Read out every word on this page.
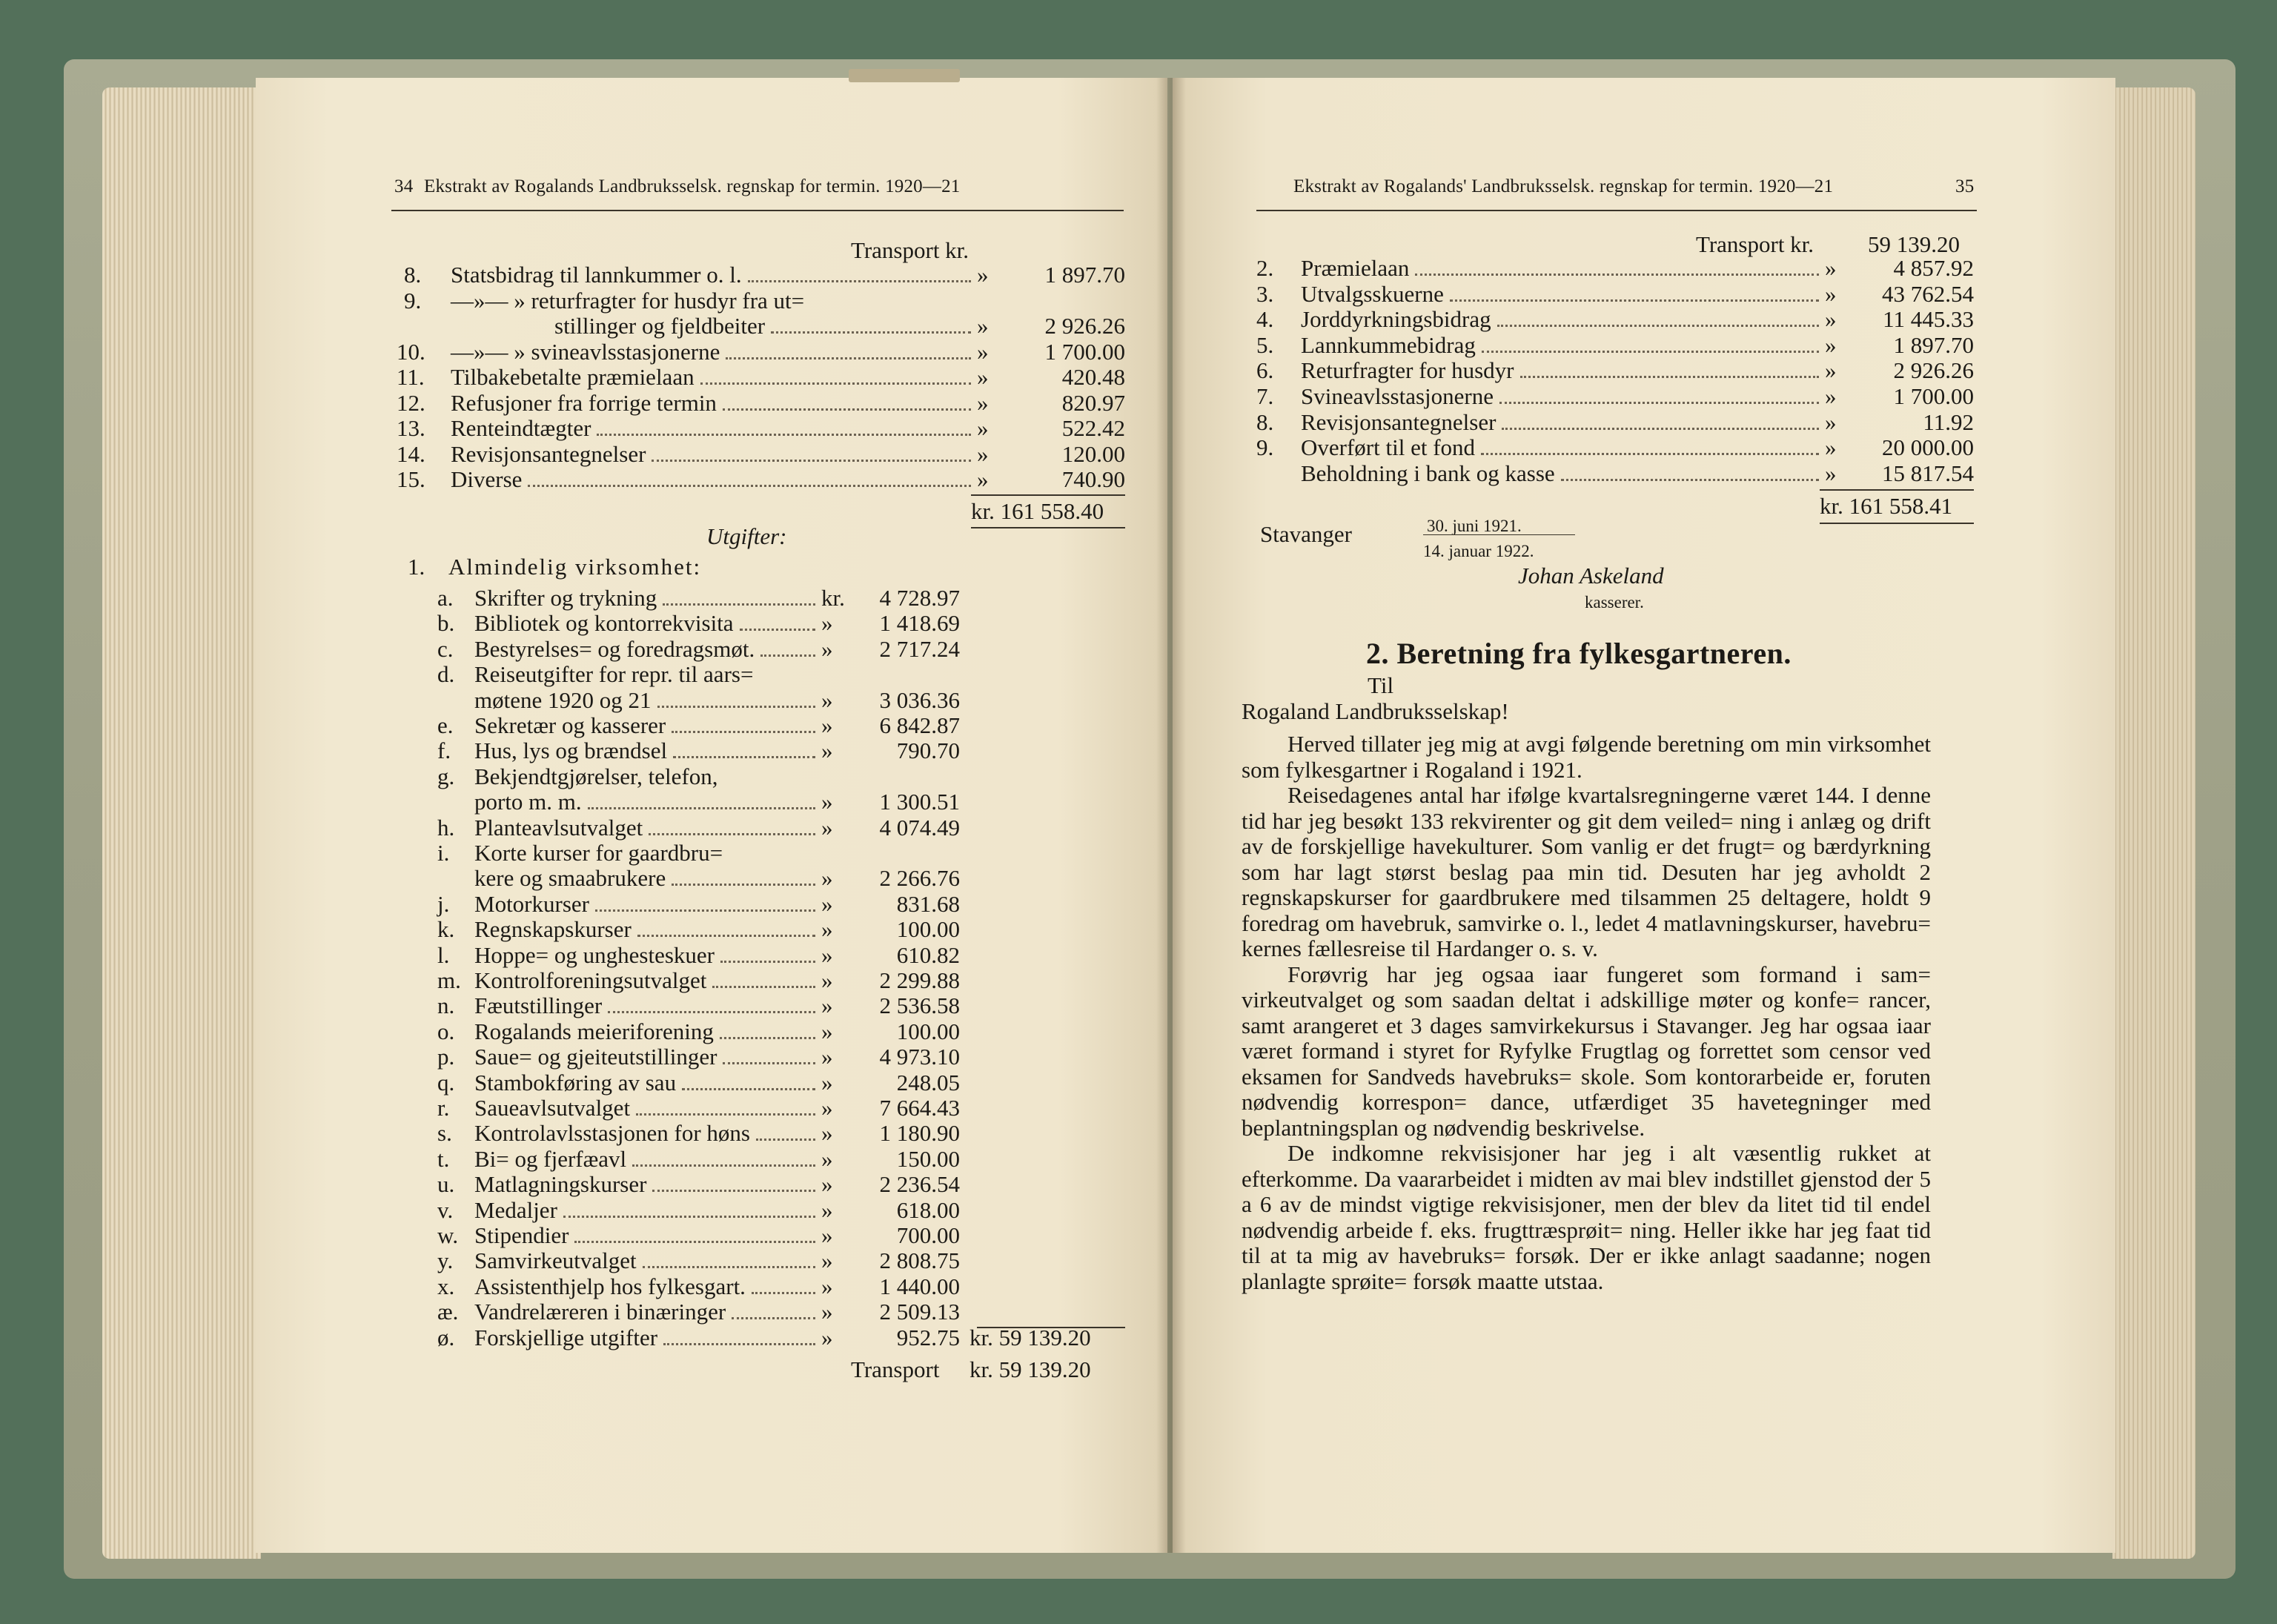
34 Ekstrakt av Rogalands Landbruksselsk. regnskap for termin. 1920—21
Transport kr.
8. Statsbidrag til lannkummer o. l.	» 1 897.70
9. —»— » returfragter for husdyr fra ut=
stillinger og fjeldbeiter	» 2 926.26
10. —»— » svineavlsstasjonerne	» 1 700.00
11. Tilbakebetalte præmielaan	»	420.48
12. Refusjoner fra forrige termin	»	820.97
13. Renteindtægter	»	522.42
14. Revisjonsantegnelser	»	120.00
15. Diverse	»	740.90
kr. 161 558.40
Utgifter:
1. Almindelig virksomhet:
a. Skrifter og trykning	kr. 4 728.97
b. Bibliotek og kontorrekvisita	» 1 418.69
c. Bestyrelses= og foredragsmøt.	» 2 717.24
d. Reiseutgifter for repr. til aars=
møtene 1920 og 21	» 3 036.36
e. Sekretær og kasserer	» 6 842.87
f. Hus, lys og brændsel	»	790.70
g. Bekjendtgjørelser, telefon,
porto m. m.	» 1 300.51
h. Planteavlsutvalget	» 4 074.49
i. Korte kurser for gaardbru=
kere og smaabrukere	» 2 266.76
j. Motorkurser	»	831.68
k. Regnskapskurser	»	100.00
l. Hoppe= og unghesteskuer	»	610.82
m. Kontrolforeningsutvalget	» 2 299.88
n. Fæutstillinger	» 2 536.58
o. Rogalands meieriforening	»	100.00
p. Saue= og gjeiteutstillinger	» 4 973.10
q. Stambokføring av sau	»	248.05
r. Saueavlsutvalget	» 7 664.43
s. Kontrolavlsstasjonen for høns	» 1 180.90
t. Bi= og fjerfæavl	»	150.00
u. Matlagningskurser	» 2 236.54
v. Medaljer	»	618.00
w. Stipendier	»	700.00
y. Samvirkeutvalget	» 2 808.75
x. Assistenthjelp hos fylkesgart.	» 1 440.00
æ. Vandrelæreren i binæringer	» 2 509.13
ø. Forskjellige utgifter	»	952.75 kr. 59 139.20
Transport kr. 59 139.20
Ekstrakt av Rogalands' Landbruksselsk. regnskap for termin. 1920—21	35
Transport kr. 59 139.20
2. Præmielaan	» 4 857.92
3. Utvalgsskuerne	» 43 762.54
4. Jorddyrkningsbidrag	» 11 445.33
5. Lannkummebidrag	» 1 897.70
6. Returfragter for husdyr	» 2 926.26
7. Svineavlsstasjonerne	» 1 700.00
8. Revisjonsantegnelser	»	11.92
9. Overført til et fond	» 20 000.00
Beholdning i bank og kasse	» 15 817.54
kr. 161 558.41
Stavanger	30. juni 1921.
14. januar 1922.
Johan Askeland
kasserer.
2. Beretning fra fylkesgartneren.
Til
Rogaland Landbruksselskap!

Herved tillater jeg mig at avgi følgende beretning om min virksomhet som fylkesgartner i Rogaland i 1921.

Reisedagenes antal har ifølge kvartalsregningerne været 144. I denne tid har jeg besøkt 133 rekvirenter og git dem veiled= ning i anlæg og drift av de forskjellige havekulturer. Som vanlig er det frugt= og bærdyrkning som har lagt størst beslag paa min tid. Desuten har jeg avholdt 2 regnskapskurser for gaardbrukere med tilsammen 25 deltagere, holdt 9 foredrag om havebruk, samvirke o. l., ledet 4 matlavningskurser, havebru= kernes fællesreise til Hardanger o. s. v.

Forøvrig har jeg ogsaa iaar fungeret som formand i sam= virkeutvalget og som saadan deltat i adskillige møter og konfe= rancer, samt arangeret et 3 dages samvirkekursus i Stavanger. Jeg har ogsaa iaar været formand i styret for Ryfylke Frugtlag og forrettet som censor ved eksamen for Sandveds havebruks= skole. Som kontorarbeide er, foruten nødvendig korrespon= dance, utfærdiget 35 havetegninger med beplantningsplan og nødvendig beskrivelse.

De indkomne rekvisisjoner har jeg i alt væsentlig rukket at efterkomme. Da vaararbeidet i midten av mai blev indstillet gjenstod der 5 a 6 av de mindst vigtige rekvisisjoner, men der blev da litet tid til endel nødvendig arbeide f. eks. frugttræsprøit= ning. Heller ikke har jeg faat tid til at ta mig av havebruks= forsøk. Der er ikke anlagt saadanne; nogen planlagte sprøite= forsøk maatte utstaa.
